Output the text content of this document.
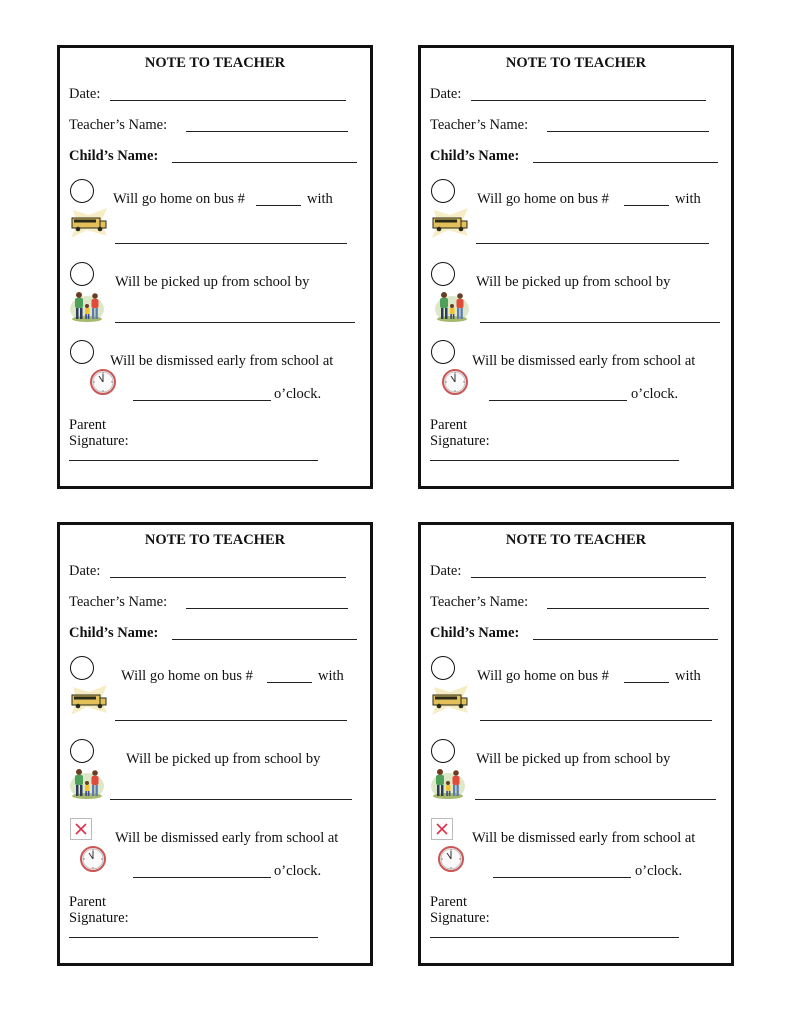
NOTE TO TEACHER
Date:
Teacher’s Name:
Child’s Name:
Will go home on bus #	with
Will be picked up from school by
Will be dismissed early from school at
o’clock.
Parent
Signature:
NOTE TO TEACHER
Date:
Teacher’s Name:
Child’s Name:
Will go home on bus #	with
Will be picked up from school by
Will be dismissed early from school at
o’clock.
Parent
Signature:
NOTE TO TEACHER
Date:
Teacher’s Name:
Child’s Name:
Will go home on bus #	with
Will be picked up from school by
Will be dismissed early from school at
o’clock.
Parent
Signature:
NOTE TO TEACHER
Date:
Teacher’s Name:
Child’s Name:
Will go home on bus #	with
Will be picked up from school by
Will be dismissed early from school at
o’clock.
Parent
Signature:
